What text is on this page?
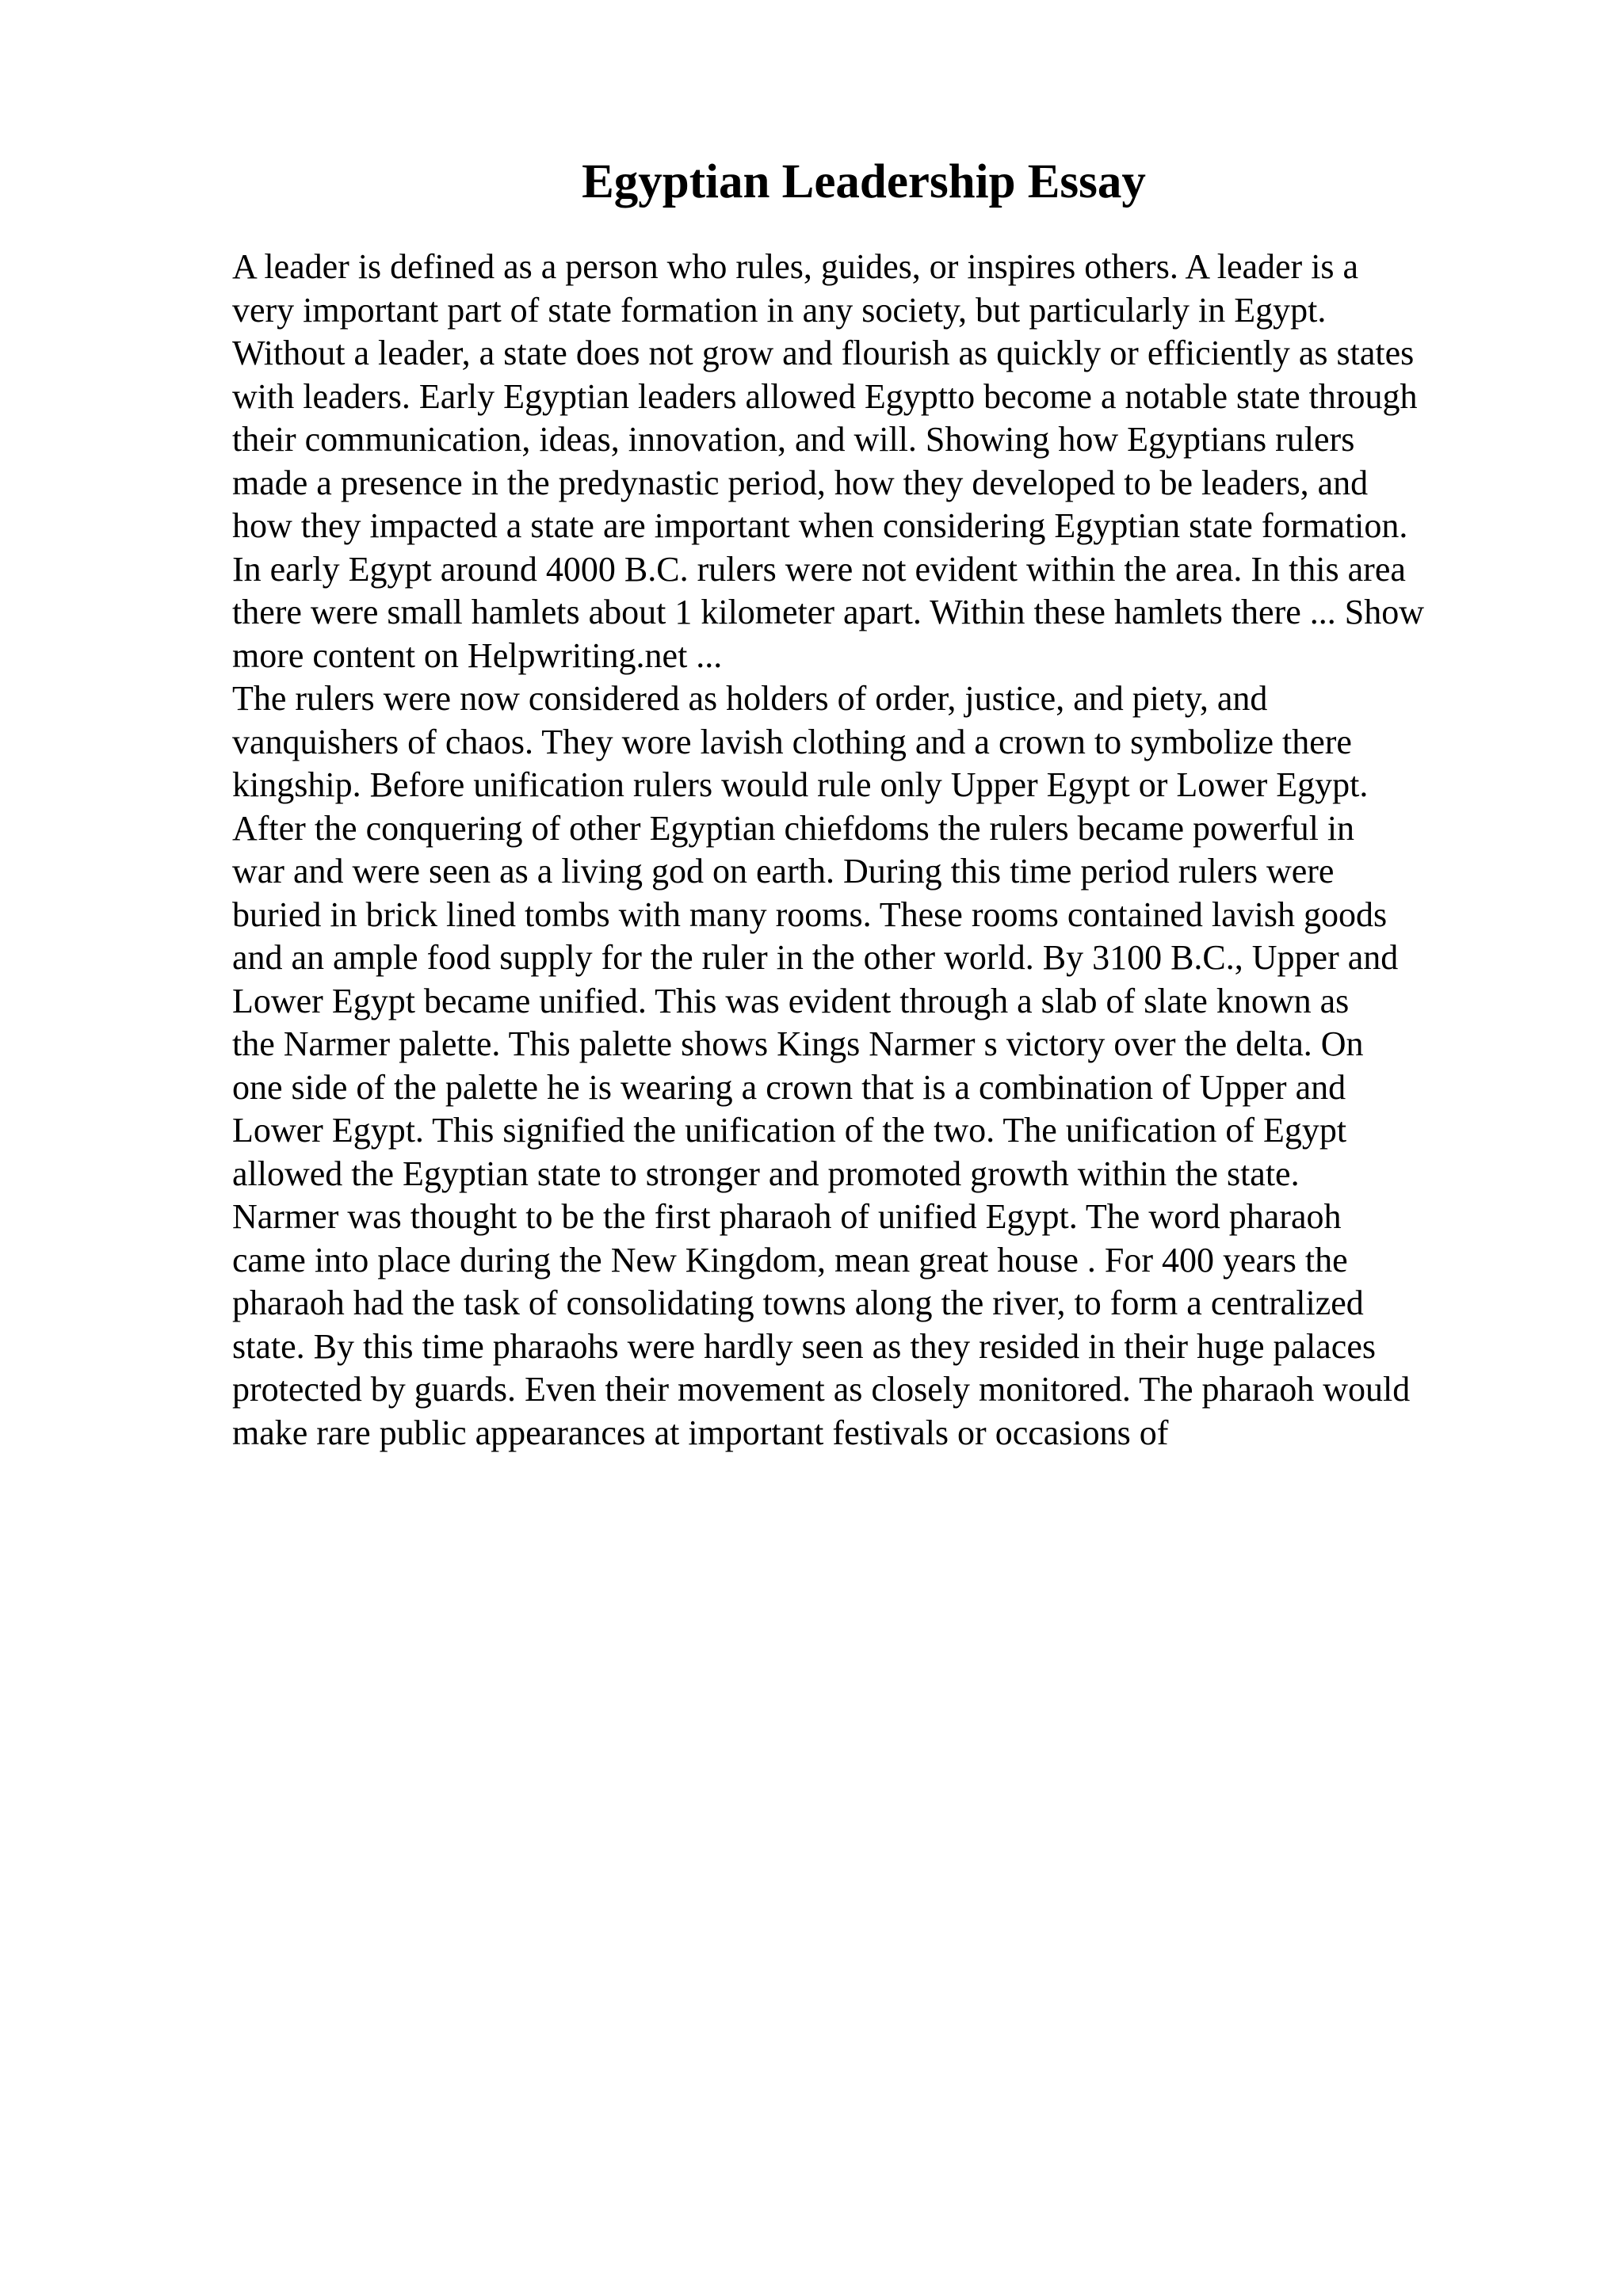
Egyptian Leadership Essay
A leader is defined as a person who rules, guides, or inspires others. A leader is a
very important part of state formation in any society, but particularly in Egypt.
Without a leader, a state does not grow and flourish as quickly or efficiently as states
with leaders. Early Egyptian leaders allowed Egyptto become a notable state through
their communication, ideas, innovation, and will. Showing how Egyptians rulers
made a presence in the predynastic period, how they developed to be leaders, and
how they impacted a state are important when considering Egyptian state formation.
In early Egypt around 4000 B.C. rulers were not evident within the area. In this area
there were small hamlets about 1 kilometer apart. Within these hamlets there ... Show
more content on Helpwriting.net ...
The rulers were now considered as holders of order, justice, and piety, and
vanquishers of chaos. They wore lavish clothing and a crown to symbolize there
kingship. Before unification rulers would rule only Upper Egypt or Lower Egypt.
After the conquering of other Egyptian chiefdoms the rulers became powerful in
war and were seen as a living god on earth. During this time period rulers were
buried in brick lined tombs with many rooms. These rooms contained lavish goods
and an ample food supply for the ruler in the other world. By 3100 B.C., Upper and
Lower Egypt became unified. This was evident through a slab of slate known as
the Narmer palette. This palette shows Kings Narmer s victory over the delta. On
one side of the palette he is wearing a crown that is a combination of Upper and
Lower Egypt. This signified the unification of the two. The unification of Egypt
allowed the Egyptian state to stronger and promoted growth within the state.
Narmer was thought to be the first pharaoh of unified Egypt. The word pharaoh
came into place during the New Kingdom, mean great house . For 400 years the
pharaoh had the task of consolidating towns along the river, to form a centralized
state. By this time pharaohs were hardly seen as they resided in their huge palaces
protected by guards. Even their movement as closely monitored. The pharaoh would
make rare public appearances at important festivals or occasions of
